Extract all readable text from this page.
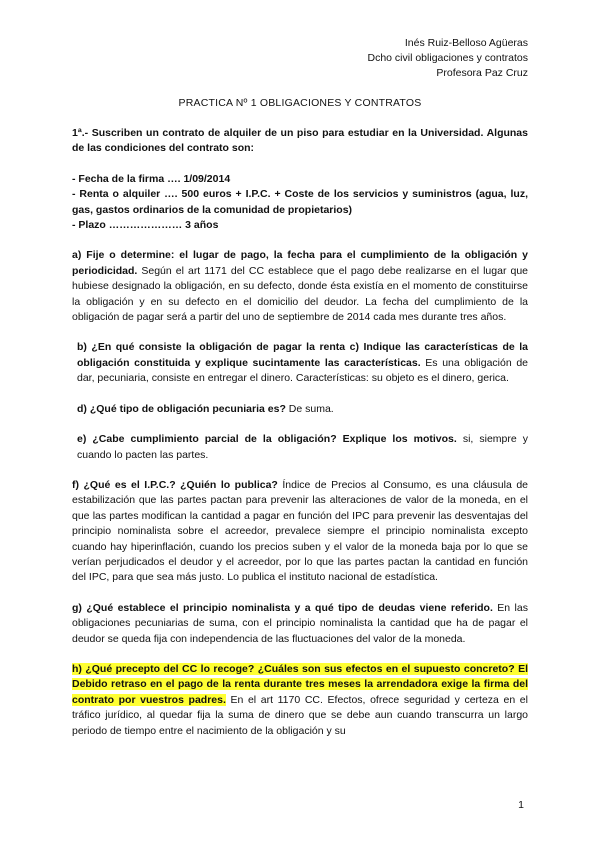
Inés Ruiz-Belloso Agüeras
Dcho civil obligaciones y contratos
Profesora Paz Cruz
PRACTICA Nº 1 OBLIGACIONES Y CONTRATOS

1ª.- Suscriben un contrato de alquiler de un piso para estudiar en la Universidad. Algunas de las condiciones del contrato son:

- Fecha de la firma …. 1/09/2014

- Renta o alquiler …. 500 euros + I.P.C. + Coste de los servicios y suministros (agua, luz, gas, gastos ordinarios de la comunidad de propietarios)

- Plazo ………………… 3 años

a) Fije o determine: el lugar de pago, la fecha para el cumplimiento de la obligación y periodicidad. Según el art 1171 del CC establece que el pago debe realizarse en el lugar que hubiese designado la obligación, en su defecto, donde ésta existía en el momento de constituirse la obligación y en su defecto en el domicilio del deudor. La fecha del cumplimiento de la obligación de pagar será a partir del uno de septiembre de 2014 cada mes durante tres años.

b) ¿En qué consiste la obligación de pagar la renta c) Indique las características de la obligación constituida y explique sucintamente las características. Es una obligación de dar, pecuniaria, consiste en entregar el dinero. Características: su objeto es el dinero, gerica.

d) ¿Qué tipo de obligación pecuniaria es? De suma.

e) ¿Cabe cumplimiento parcial de la obligación? Explique los motivos. si, siempre y cuando lo pacten las partes.

f) ¿Qué es el I.P.C.? ¿Quién lo publica? Índice de Precios al Consumo, es una cláusula de estabilización que las partes pactan para prevenir las alteraciones de valor de la moneda, en el que las partes modifican la cantidad a pagar en función del IPC para prevenir las desventajas del principio nominalista sobre el acreedor, prevalece siempre el principio nominalista excepto cuando hay hiperinflación, cuando los precios suben y el valor de la moneda baja por lo que se verían perjudicados el deudor y el acreedor, por lo que las partes pactan la cantidad en función del IPC, para que sea más justo. Lo publica el instituto nacional de estadística.

g) ¿Qué establece el principio nominalista y a qué tipo de deudas viene referido. En las obligaciones pecuniarias de suma, con el principio nominalista la cantidad que ha de pagar el deudor se queda fija con independencia de las fluctuaciones del valor de la moneda.

h) ¿Qué precepto del CC lo recoge? ¿Cuáles son sus efectos en el supuesto concreto? El Debido retraso en el pago de la renta durante tres meses la arrendadora exige la firma del contrato por vuestros padres. En el art 1170 CC. Efectos, ofrece seguridad y certeza en el tráfico jurídico, al quedar fija la suma de dinero que se debe aun cuando transcurra un largo periodo de tiempo entre el nacimiento de la obligación y su

1
